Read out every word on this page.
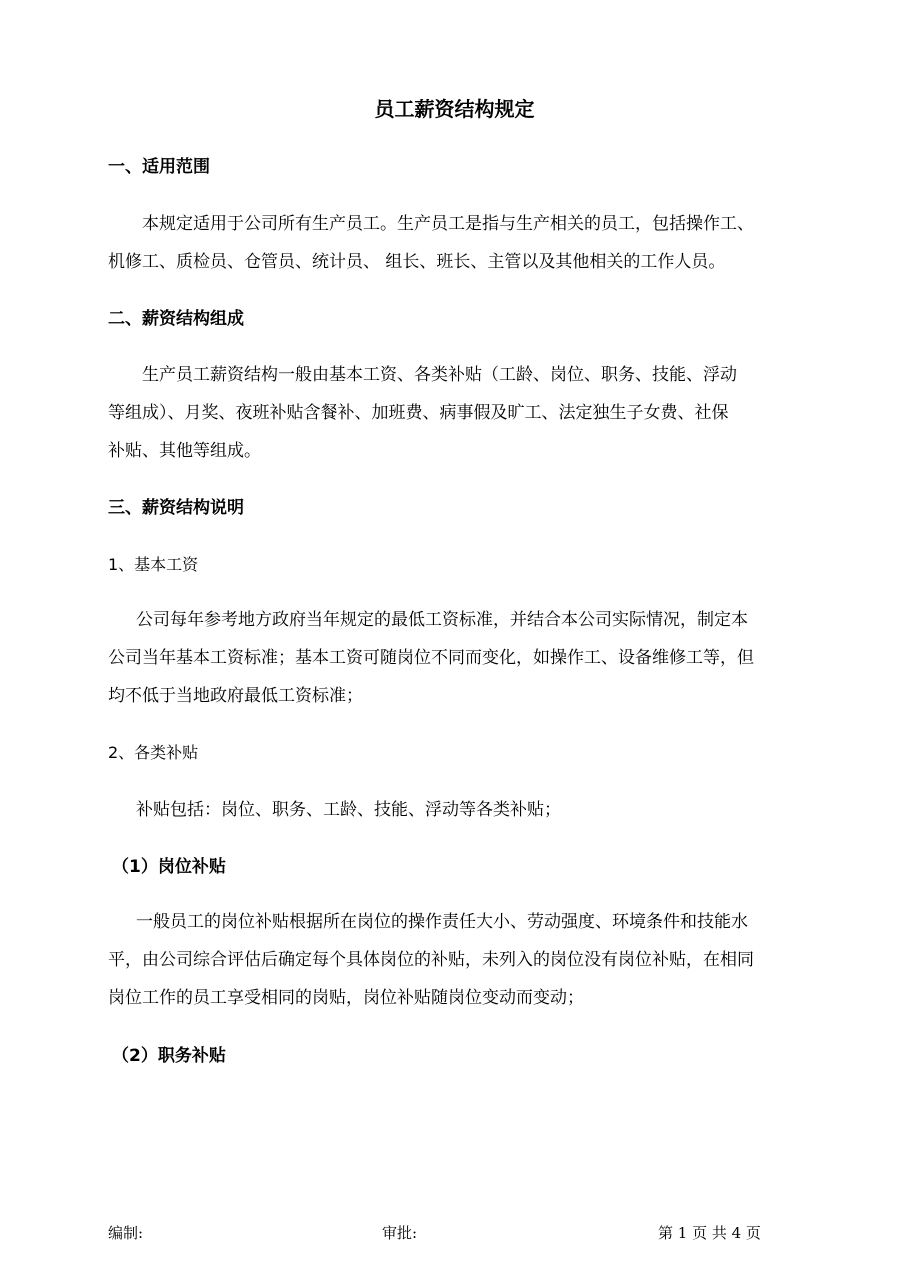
员工薪资结构规定
一、适用范围
本规定适用于公司所有生产员工。生产员工是指与生产相关的员工，包括操作工、
机修工、质检员、仓管员、统计员、 组长、班长、主管以及其他相关的工作人员。
二、薪资结构组成
生产员工薪资结构一般由基本工资、各类补贴（工龄、岗位、职务、技能、浮动
等组成）、月奖、夜班补贴含餐补、加班费、病事假及旷工、法定独生子女费、社保
补贴、其他等组成。
三、薪资结构说明
1、基本工资
公司每年参考地方政府当年规定的最低工资标准，并结合本公司实际情况，制定本
公司当年基本工资标准；基本工资可随岗位不同而变化，如操作工、设备维修工等，但
均不低于当地政府最低工资标准；
2、各类补贴
补贴包括：岗位、职务、工龄、技能、浮动等各类补贴；
（1）岗位补贴
一般员工的岗位补贴根据所在岗位的操作责任大小、劳动强度、环境条件和技能水
平，由公司综合评估后确定每个具体岗位的补贴，未列入的岗位没有岗位补贴，在相同
岗位工作的员工享受相同的岗贴，岗位补贴随岗位变动而变动；
（2）职务补贴
编制:	审批:	第 1 页 共 4 页
